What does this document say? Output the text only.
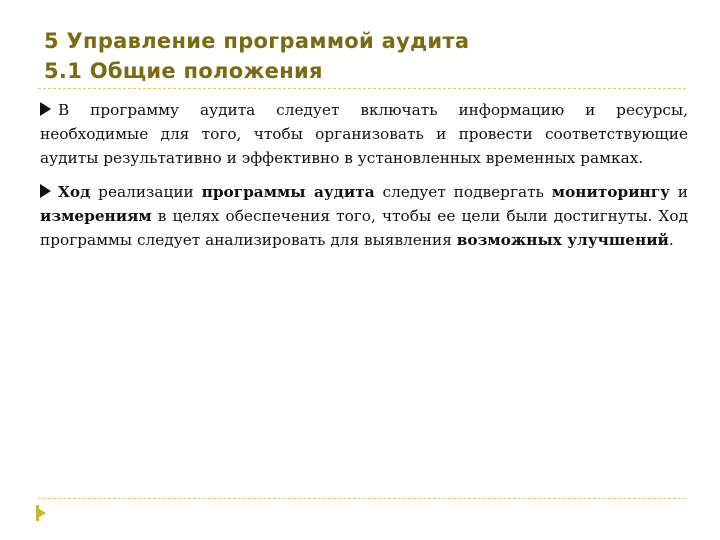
5 Управление программой аудита
5.1 Общие положения

В программу аудита следует включать информацию и ресурсы, необходимые для того, чтобы организовать и провести соответствующие аудиты результативно и эффективно в установленных временных рамках.

Ход реализации программы аудита следует подвергать мониторингу и измерениям в целях обеспечения того, чтобы ее цели были достигнуты. Ход программы следует анализировать для выявления возможных улучшений.
